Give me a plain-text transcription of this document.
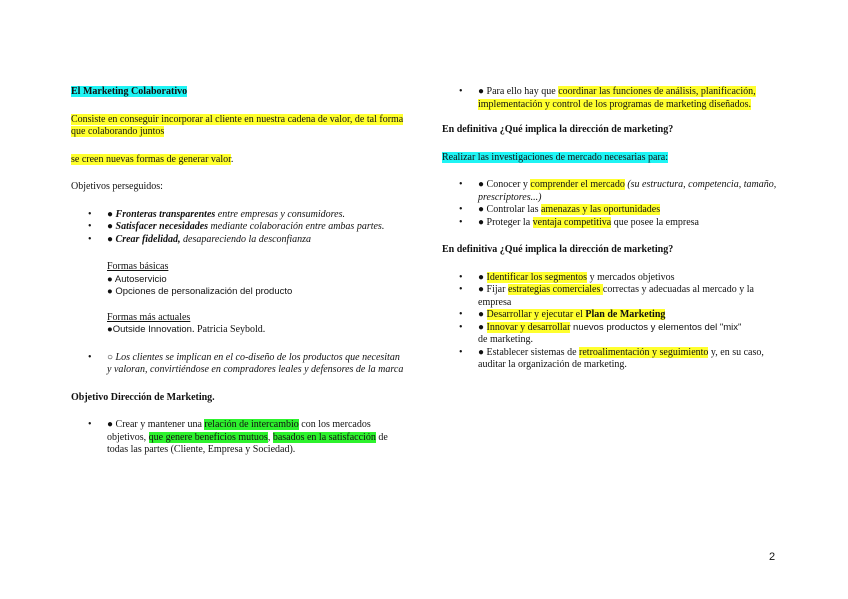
El Marketing Colaborativo

Consiste en conseguir incorporar al cliente en nuestra cadena de valor, de tal forma que colaborando juntos

se creen nuevas formas de generar valor.

Objetivos perseguidos:

• ● Fronteras transparentes entre empresas y consumidores.
• ● Satisfacer necesidades mediante colaboración entre ambas partes.
• ● Crear fidelidad, desapareciendo la desconfianza

Formas básicas

● Autoservicio

● Opciones de personalización del producto

Formas más actuales

●Outside Innovation. Patricia Seybold.

• ○ Los clientes se implican en el co-diseño de los productos que necesitan y valoran, convirtiéndose en compradores leales y defensores de la marca

Objetivo Dirección de Marketing.

• ● Crear y mantener una relación de intercambio con los mercados objetivos, que genere beneficios mutuos, basados en la satisfacción de todas las partes (Cliente, Empresa y Sociedad).
• ● Para ello hay que coordinar las funciones de análisis, planificación, implementación y control de los programas de marketing diseñados.

En definitiva ¿Qué implica la dirección de marketing?

Realizar las investigaciones de mercado necesarias para:

• ● Conocer y comprender el mercado (su estructura, competencia, tamaño, prescriptores...)
• ● Controlar las amenazas y las oportunidades
• ● Proteger la ventaja competitiva que posee la empresa

En definitiva ¿Qué implica la dirección de marketing?

• ● Identificar los segmentos y mercados objetivos
• ● Fijar estrategias comerciales correctas y adecuadas al mercado y la empresa
• ● Desarrollar y ejecutar el Plan de Marketing
• ● Innovar y desarrollar nuevos productos y elementos del "mix"
de marketing.
• ● Establecer sistemas de retroalimentación y seguimiento y, en su caso, auditar la organización de marketing.
2
